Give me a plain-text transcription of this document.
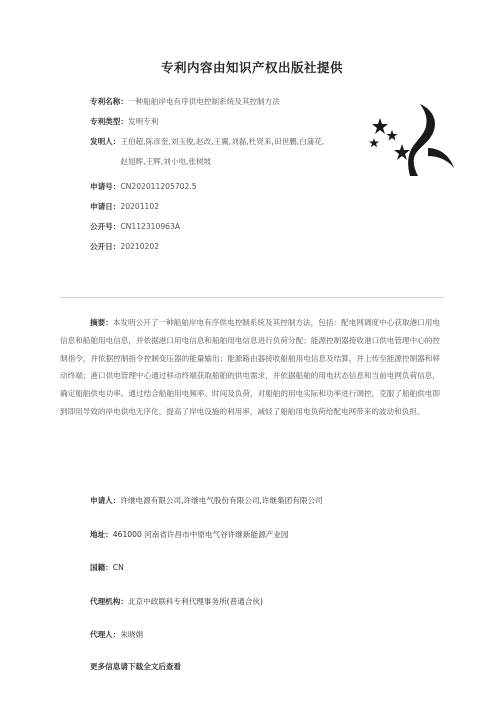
专利内容由知识产权出版社提供
专利名称：一种船舶岸电有序供电控制系统及其控制方法
专利类型：发明专利
发明人：王伯超,陈彦奎,刘玉俊,赵改,王翼,刘磊,杜贤来,田世鹏,白蒲花,赵旭辉,王辉,刘小电,张树坡
申请号：CN202011205702.5
申请日：20201102
公开号：CN112310963A
公开日：20210202
摘要：本发明公开了一种船舶岸电有序供电控制系统及其控制方法，包括：配电网调度中心获取港口用电信息和船舶用电信息，并依据港口用电信息和船舶用电信息进行负荷分配；能源控制器接收港口供电管理中心的控制指令，并依据控制指令控制变压器的能量输出；能源路由器接收船舶用电信息及结算，并上传至能源控制器和移动终端；港口供电管理中心通过移动终端获取船舶的供电需求，并依据船舶的用电状态信息和当前电网负荷信息，确定船舶供电功率。通过结合船舶用电频率、时间及负荷，对船舶的用电实际和功率进行调控，克服了船舶供电即到即用导致的岸电供电无序化，提高了岸电设施的利用率，减轻了船舶用电负荷给配电网带来的波动和负担。
申请人：许继电源有限公司,许继电气股份有限公司,许继集团有限公司
地址：461000 河南省许昌市中原电气谷许继新能源产业园
国籍：CN
代理机构：北京中政联科专利代理事务所(普通合伙)
代理人：朱晓娟
更多信息请下载全文后查看
